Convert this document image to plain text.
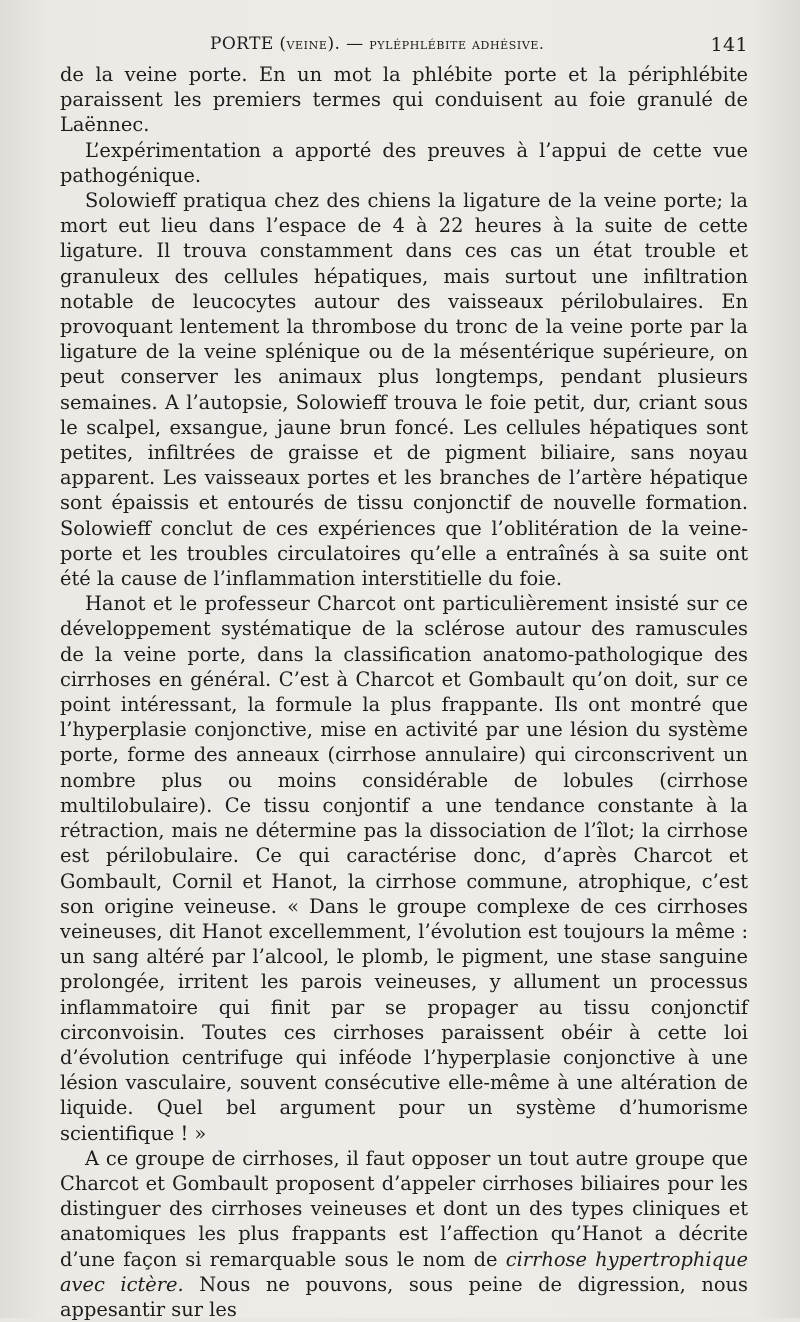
PORTE (veine). — pyléphlébite adhésive.	141

de la veine porte. En un mot la phlébite porte et la périphlébite paraissent les premiers termes qui conduisent au foie granulé de Laënnec.

L’expérimentation a apporté des preuves à l’appui de cette vue pathogénique.

Solowieff pratiqua chez des chiens la ligature de la veine porte; la mort eut lieu dans l’espace de 4 à 22 heures à la suite de cette ligature. Il trouva constamment dans ces cas un état trouble et granuleux des cellules hépatiques, mais surtout une infiltration notable de leucocytes autour des vaisseaux périlobulaires. En provoquant lentement la thrombose du tronc de la veine porte par la ligature de la veine splénique ou de la mésentérique supérieure, on peut conserver les animaux plus longtemps, pendant plusieurs semaines. A l’autopsie, Solowieff trouva le foie petit, dur, criant sous le scalpel, exsangue, jaune brun foncé. Les cellules hépatiques sont petites, infiltrées de graisse et de pigment biliaire, sans noyau apparent. Les vaisseaux portes et les branches de l’artère hépatique sont épaissis et entourés de tissu conjonctif de nouvelle formation. Solowieff conclut de ces expériences que l’oblitération de la veine-porte et les troubles circulatoires qu’elle a entraînés à sa suite ont été la cause de l’inflammation interstitielle du foie.

Hanot et le professeur Charcot ont particulièrement insisté sur ce développement systématique de la sclérose autour des ramuscules de la veine porte, dans la classification anatomo-pathologique des cirrhoses en général. C’est à Charcot et Gombault qu’on doit, sur ce point intéressant, la formule la plus frappante. Ils ont montré que l’hyperplasie conjonctive, mise en activité par une lésion du système porte, forme des anneaux (cirrhose annulaire) qui circonscrivent un nombre plus ou moins considérable de lobules (cirrhose multilobulaire). Ce tissu conjontif a une tendance constante à la rétraction, mais ne détermine pas la dissociation de l’îlot; la cirrhose est périlobulaire. Ce qui caractérise donc, d’après Charcot et Gombault, Cornil et Hanot, la cirrhose commune, atrophique, c’est son origine veineuse. « Dans le groupe complexe de ces cirrhoses veineuses, dit Hanot excellemment, l’évolution est toujours la même : un sang altéré par l’alcool, le plomb, le pigment, une stase sanguine prolongée, irritent les parois veineuses, y allument un processus inflammatoire qui finit par se propager au tissu conjonctif circonvoisin. Toutes ces cirrhoses paraissent obéir à cette loi d’évolution centrifuge qui inféode l’hyperplasie conjonctive à une lésion vasculaire, souvent consécutive elle-même à une altération de liquide. Quel bel argument pour un système d’humorisme scientifique ! »

A ce groupe de cirrhoses, il faut opposer un tout autre groupe que Charcot et Gombault proposent d’appeler cirrhoses biliaires pour les distinguer des cirrhoses veineuses et dont un des types cliniques et anatomiques les plus frappants est l’affection qu’Hanot a décrite d’une façon si remarquable sous le nom de cirrhose hypertrophique avec ictère. Nous ne pouvons, sous peine de digression, nous appesantir sur les
